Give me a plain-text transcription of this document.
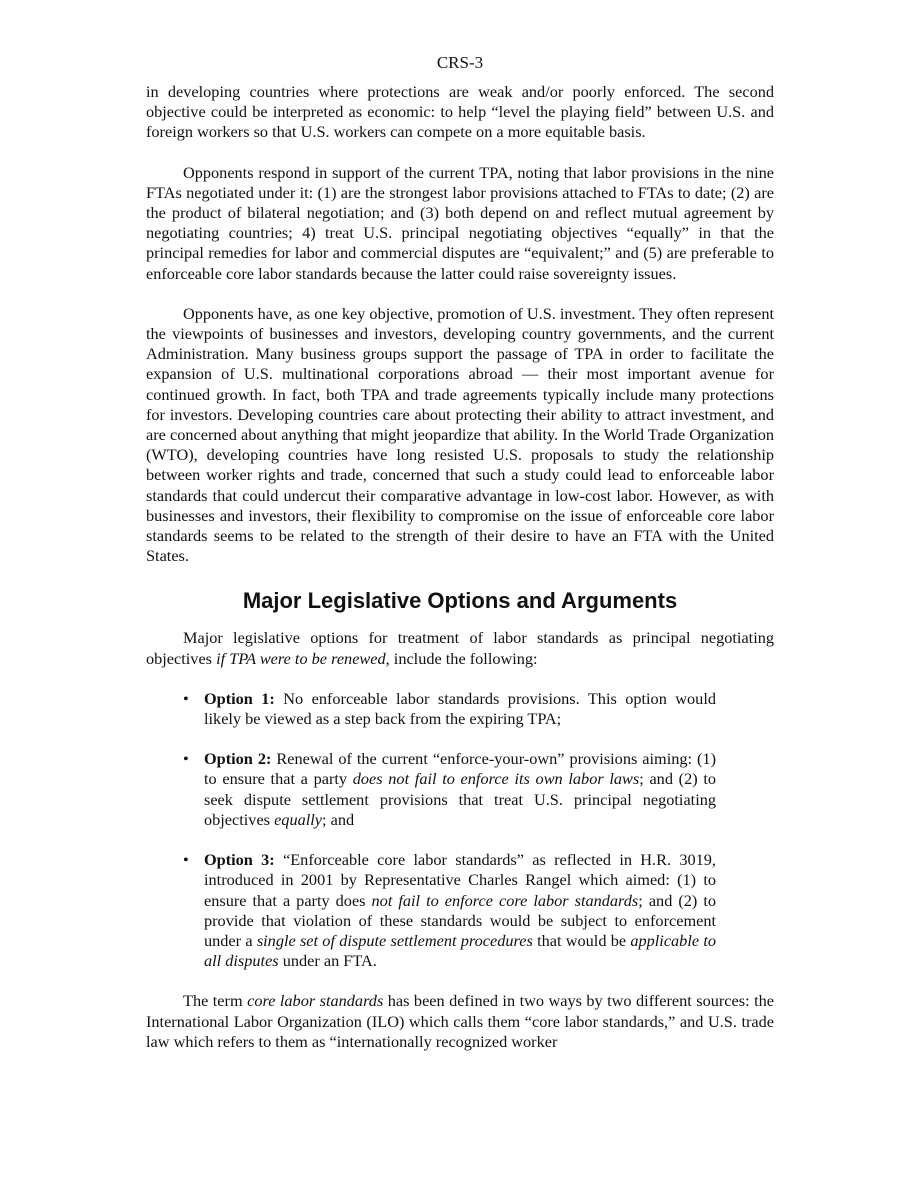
CRS-3

in developing countries where protections are weak and/or poorly enforced. The second objective could be interpreted as economic: to help “level the playing field” between U.S. and foreign workers so that U.S. workers can compete on a more equitable basis.

Opponents respond in support of the current TPA, noting that labor provisions in the nine FTAs negotiated under it: (1) are the strongest labor provisions attached to FTAs to date; (2) are the product of bilateral negotiation; and (3) both depend on and reflect mutual agreement by negotiating countries; 4) treat U.S. principal negotiating objectives “equally” in that the principal remedies for labor and commercial disputes are “equivalent;” and (5) are preferable to enforceable core labor standards because the latter could raise sovereignty issues.

Opponents have, as one key objective, promotion of U.S. investment. They often represent the viewpoints of businesses and investors, developing country governments, and the current Administration. Many business groups support the passage of TPA in order to facilitate the expansion of U.S. multinational corporations abroad — their most important avenue for continued growth. In fact, both TPA and trade agreements typically include many protections for investors. Developing countries care about protecting their ability to attract investment, and are concerned about anything that might jeopardize that ability. In the World Trade Organization (WTO), developing countries have long resisted U.S. proposals to study the relationship between worker rights and trade, concerned that such a study could lead to enforceable labor standards that could undercut their comparative advantage in low-cost labor. However, as with businesses and investors, their flexibility to compromise on the issue of enforceable core labor standards seems to be related to the strength of their desire to have an FTA with the United States.

Major Legislative Options and Arguments

Major legislative options for treatment of labor standards as principal negotiating objectives if TPA were to be renewed, include the following:

• Option 1: No enforceable labor standards provisions. This option would likely be viewed as a step back from the expiring TPA;
• Option 2: Renewal of the current “enforce-your-own” provisions aiming: (1) to ensure that a party does not fail to enforce its own labor laws; and (2) to seek dispute settlement provisions that treat U.S. principal negotiating objectives equally; and
• Option 3: “Enforceable core labor standards” as reflected in H.R. 3019, introduced in 2001 by Representative Charles Rangel which aimed: (1) to ensure that a party does not fail to enforce core labor standards; and (2) to provide that violation of these standards would be subject to enforcement under a single set of dispute settlement procedures that would be applicable to all disputes under an FTA.

The term core labor standards has been defined in two ways by two different sources: the International Labor Organization (ILO) which calls them “core labor standards,” and U.S. trade law which refers to them as “internationally recognized worker
